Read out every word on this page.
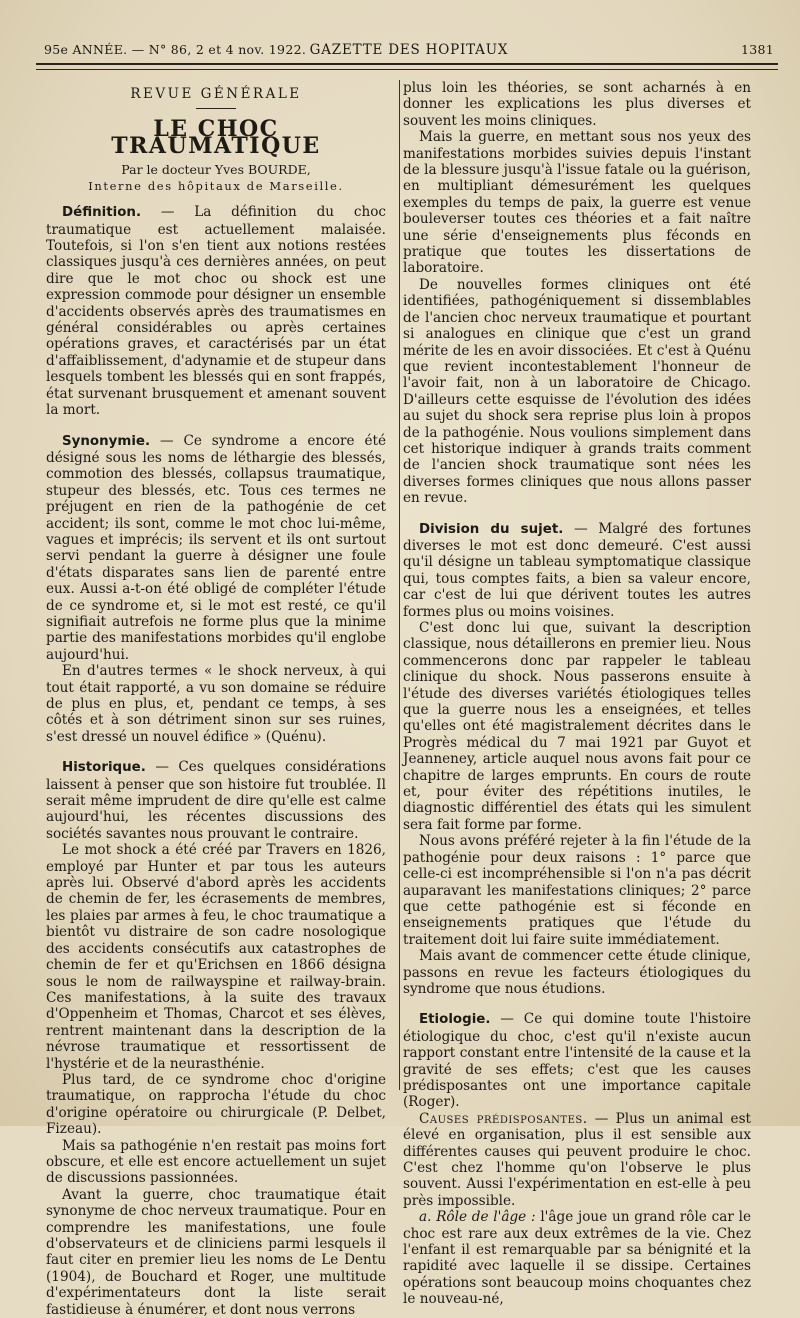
95e ANNÉE. — N° 86, 2 et 4 nov. 1922. GAZETTE DES HOPITAUX	1381
REVUE GÉNÉRALE
LE CHOC TRAUMATIQUE
Par le docteur Yves BOURDE,
Interne des hôpitaux de Marseille.

Définition. — La définition du choc traumatique est actuellement malaisée. Toutefois, si l'on s'en tient aux notions restées classiques jusqu'à ces dernières années, on peut dire que le mot choc ou shock est une expression commode pour désigner un ensemble d'accidents observés après des traumatismes en général considérables ou après certaines opérations graves, et caractérisés par un état d'affaiblissement, d'adynamie et de stupeur dans lesquels tombent les blessés qui en sont frappés, état survenant brusquement et amenant souvent la mort.

Synonymie. — Ce syndrome a encore été désigné sous les noms de léthargie des blessés, commotion des blessés, collapsus traumatique, stupeur des blessés, etc. Tous ces termes ne préjugent en rien de la pathogénie de cet accident; ils sont, comme le mot choc lui-même, vagues et imprécis; ils servent et ils ont surtout servi pendant la guerre à désigner une foule d'états disparates sans lien de parenté entre eux. Aussi a-t-on été obligé de compléter l'étude de ce syndrome et, si le mot est resté, ce qu'il signifiait autrefois ne forme plus que la minime partie des manifestations morbides qu'il englobe aujourd'hui.

En d'autres termes « le shock nerveux, à qui tout était rapporté, a vu son domaine se réduire de plus en plus, et, pendant ce temps, à ses côtés et à son détriment sinon sur ses ruines, s'est dressé un nouvel édifice » (Quénu).

Historique. — Ces quelques considérations laissent à penser que son histoire fut troublée. Il serait même imprudent de dire qu'elle est calme aujourd'hui, les récentes discussions des sociétés savantes nous prouvant le contraire.

Le mot shock a été créé par Travers en 1826, employé par Hunter et par tous les auteurs après lui. Observé d'abord après les accidents de chemin de fer, les écrasements de membres, les plaies par armes à feu, le choc traumatique a bientôt vu distraire de son cadre nosologique des accidents consécutifs aux catastrophes de chemin de fer et qu'Erichsen en 1866 désigna sous le nom de railwayspine et railway-brain. Ces manifestations, à la suite des travaux d'Oppenheim et Thomas, Charcot et ses élèves, rentrent maintenant dans la description de la névrose traumatique et ressortissent de l'hystérie et de la neurasthénie.

Plus tard, de ce syndrome choc d'origine traumatique, on rapprocha l'étude du choc d'origine opératoire ou chirurgicale (P. Delbet, Fizeau).

Mais sa pathogénie n'en restait pas moins fort obscure, et elle est encore actuellement un sujet de discussions passionnées.

Avant la guerre, choc traumatique était synonyme de choc nerveux traumatique. Pour en comprendre les manifestations, une foule d'observateurs et de cliniciens parmi lesquels il faut citer en premier lieu les noms de Le Dentu (1904), de Bouchard et Roger, une multitude d'expérimentateurs dont la liste serait fastidieuse à énumérer, et dont nous verrons

plus loin les théories, se sont acharnés à en donner les explications les plus diverses et souvent les moins cliniques.

Mais la guerre, en mettant sous nos yeux des manifestations morbides suivies depuis l'instant de la blessure jusqu'à l'issue fatale ou la guérison, en multipliant démesurément les quelques exemples du temps de paix, la guerre est venue bouleverser toutes ces théories et a fait naître une série d'enseignements plus féconds en pratique que toutes les dissertations de laboratoire.

De nouvelles formes cliniques ont été identifiées, pathogéniquement si dissemblables de l'ancien choc nerveux traumatique et pourtant si analogues en clinique que c'est un grand mérite de les en avoir dissociées. Et c'est à Quénu que revient incontestablement l'honneur de l'avoir fait, non à un laboratoire de Chicago. D'ailleurs cette esquisse de l'évolution des idées au sujet du shock sera reprise plus loin à propos de la pathogénie. Nous voulions simplement dans cet historique indiquer à grands traits comment de l'ancien shock traumatique sont nées les diverses formes cliniques que nous allons passer en revue.

Division du sujet. — Malgré des fortunes diverses le mot est donc demeuré. C'est aussi qu'il désigne un tableau symptomatique classique qui, tous comptes faits, a bien sa valeur encore, car c'est de lui que dérivent toutes les autres formes plus ou moins voisines.

C'est donc lui que, suivant la description classique, nous détaillerons en premier lieu. Nous commencerons donc par rappeler le tableau clinique du shock. Nous passerons ensuite à l'étude des diverses variétés étiologiques telles que la guerre nous les a enseignées, et telles qu'elles ont été magistralement décrites dans le Progrès médical du 7 mai 1921 par Guyot et Jeanneney, article auquel nous avons fait pour ce chapitre de larges emprunts. En cours de route et, pour éviter des répétitions inutiles, le diagnostic différentiel des états qui les simulent sera fait forme par forme.

Nous avons préféré rejeter à la fin l'étude de la pathogénie pour deux raisons : 1° parce que celle-ci est incompréhensible si l'on n'a pas décrit auparavant les manifestations cliniques; 2° parce que cette pathogénie est si féconde en enseignements pratiques que l'étude du traitement doit lui faire suite immédiatement.

Mais avant de commencer cette étude clinique, passons en revue les facteurs étiologiques du syndrome que nous étudions.

Etiologie. — Ce qui domine toute l'histoire étiologique du choc, c'est qu'il n'existe aucun rapport constant entre l'intensité de la cause et la gravité de ses effets; c'est que les causes prédisposantes ont une importance capitale (Roger).

Causes prédisposantes. — Plus un animal est élevé en organisation, plus il est sensible aux différentes causes qui peuvent produire le choc. C'est chez l'homme qu'on l'observe le plus souvent. Aussi l'expérimentation en est-elle à peu près impossible.

a. Rôle de l'âge : l'âge joue un grand rôle car le choc est rare aux deux extrêmes de la vie. Chez l'enfant il est remarquable par sa bénignité et la rapidité avec laquelle il se dissipe. Certaines opérations sont beaucoup moins choquantes chez le nouveau-né,
